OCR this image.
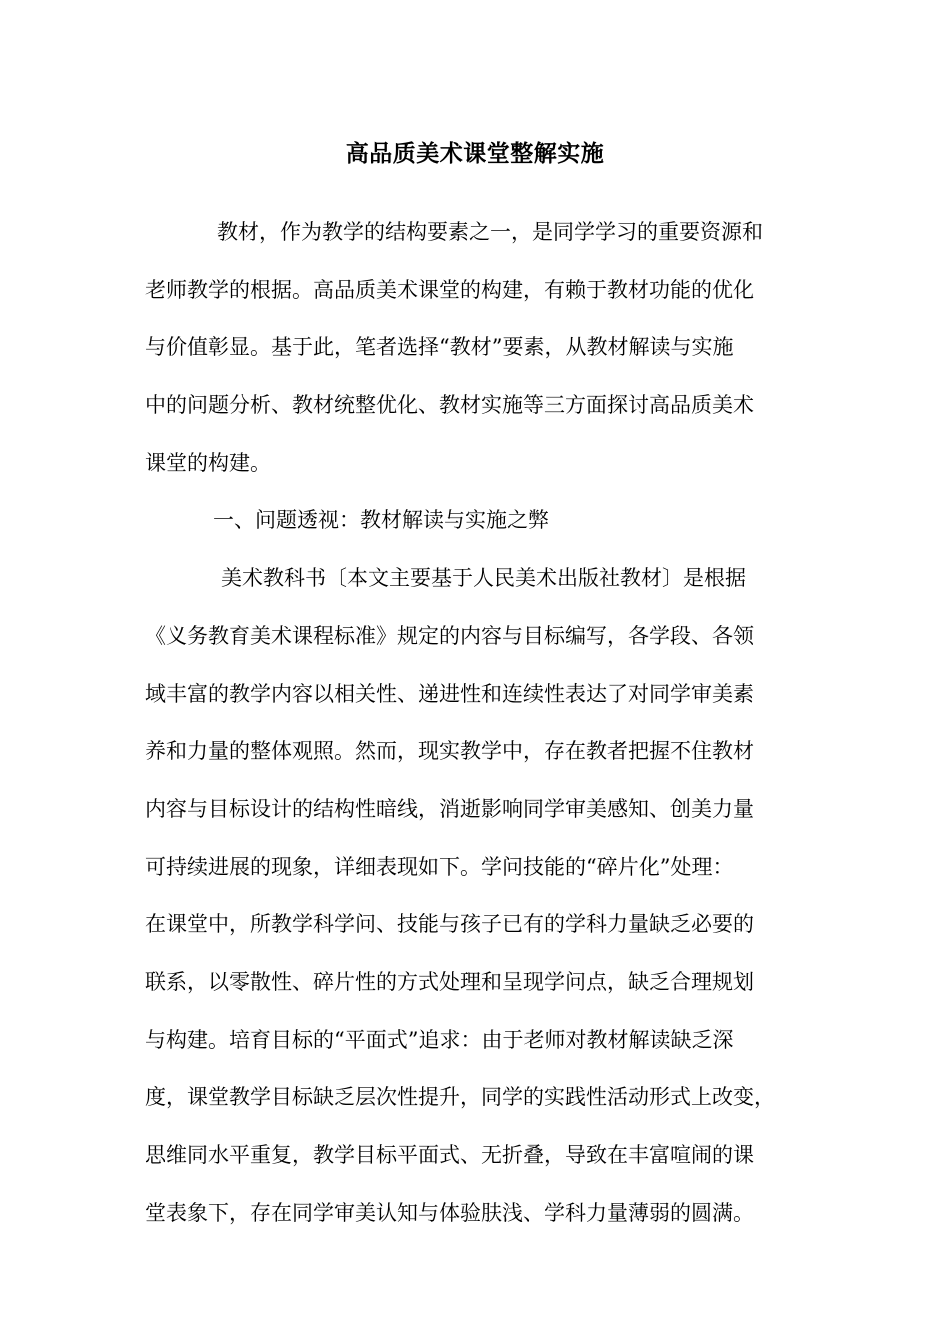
高品质美术课堂整解实施
教材，作为教学的结构要素之一，是同学学习的重要资源和
老师教学的根据。高品质美术课堂的构建，有赖于教材功能的优化
与价值彰显。基于此，笔者选择“教材”要素，从教材解读与实施
中的问题分析、教材统整优化、教材实施等三方面探讨高品质美术
课堂的构建。
一、问题透视：教材解读与实施之弊
美术教科书〔本文主要基于人民美术出版社教材〕是根据
《义务教育美术课程标准》规定的内容与目标编写，各学段、各领
域丰富的教学内容以相关性、递进性和连续性表达了对同学审美素
养和力量的整体观照。然而，现实教学中，存在教者把握不住教材
内容与目标设计的结构性暗线，消逝影响同学审美感知、创美力量
可持续进展的现象，详细表现如下。学问技能的“碎片化”处理：
在课堂中，所教学科学问、技能与孩子已有的学科力量缺乏必要的
联系，以零散性、碎片性的方式处理和呈现学问点，缺乏合理规划
与构建。培育目标的“平面式”追求：由于老师对教材解读缺乏深
度，课堂教学目标缺乏层次性提升，同学的实践性活动形式上改变，
思维同水平重复，教学目标平面式、无折叠，导致在丰富喧闹的课
堂表象下，存在同学审美认知与体验肤浅、学科力量薄弱的圆满。
